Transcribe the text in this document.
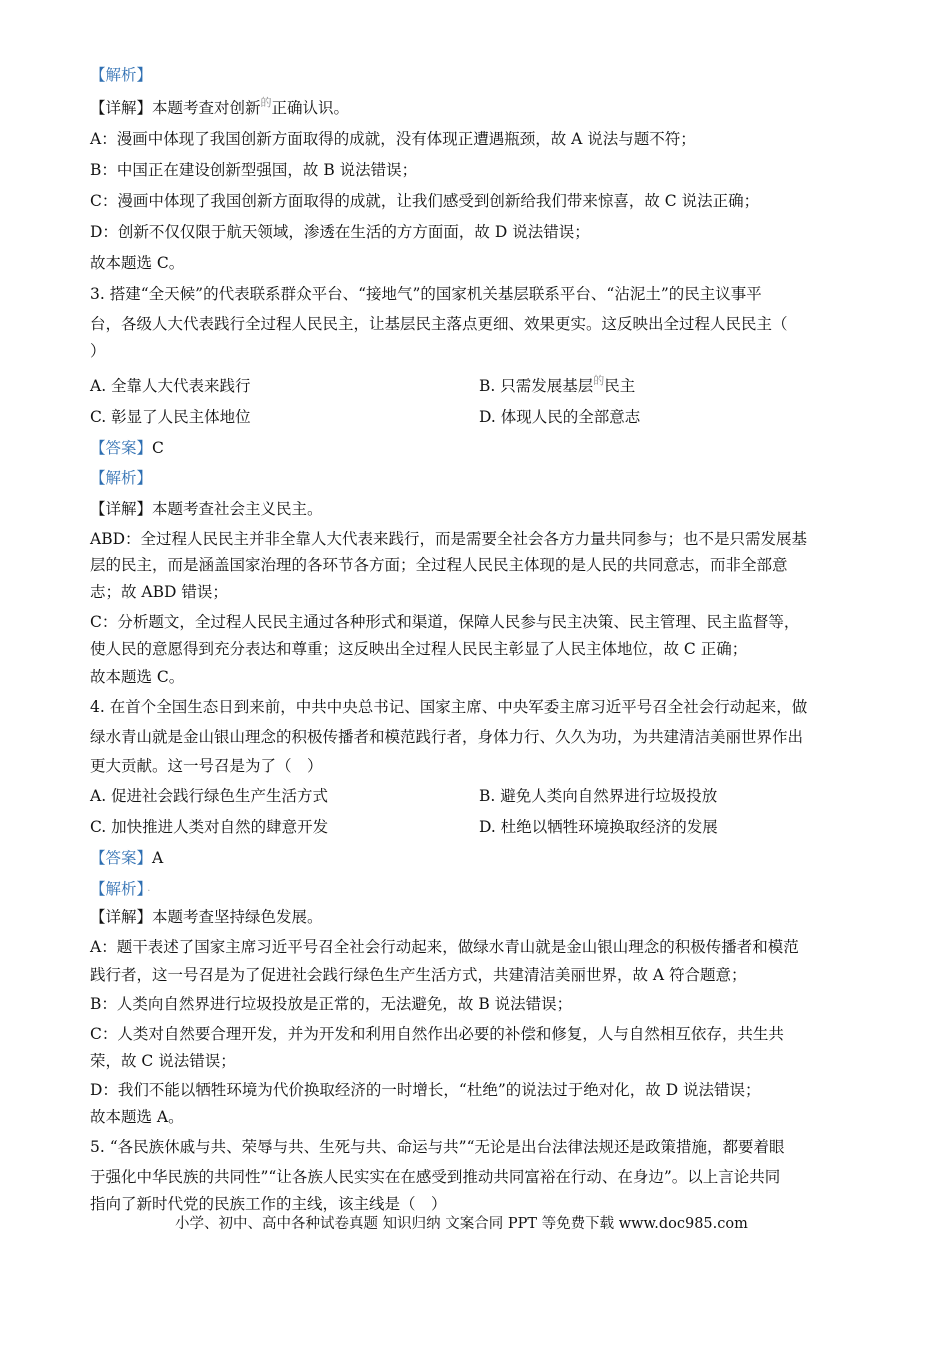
【解析】
【详解】本题考查对创新$^的$正确认识。
A：漫画中体现了我国创新方面取得的成就，没有体现正遭遇瓶颈，故 A 说法与题不符；
B：中国正在建设创新型强国，故 B 说法错误；
C：漫画中体现了我国创新方面取得的成就，让我们感受到创新给我们带来惊喜，故 C 说法正确；
D：创新不仅仅限于航天领域，渗透在生活的方方面面，故 D 说法错误；
故本题选 C。
3. 搭建“全天候”的代表联系群众平台、“接地气”的国家机关基层联系平台、“沾泥土”的民主议事平
台，各级人大代表践行全过程人民民主，让基层民主落点更细、效果更实。这反映出全过程人民民主（
）
A. 全靠人大代表来践行	B. 只需发展基层$^的$民主
C. 彰显了人民主体地位	D. 体现人民的全部意志
【答案】C
【解析】
【详解】本题考查社会主义民主。
ABD：全过程人民民主并非全靠人大代表来践行，而是需要全社会各方力量共同参与；也不是只需发展基
层的民主，而是涵盖国家治理的各环节各方面；全过程人民民主体现的是人民的共同意志，而非全部意
志；故 ABD 错误；
C：分析题文，全过程人民民主通过各种形式和渠道，保障人民参与民主决策、民主管理、民主监督等，
使人民的意愿得到充分表达和尊重；这反映出全过程人民民主彰显了人民主体地位，故 C 正确；
故本题选 C。
4. 在首个全国生态日到来前，中共中央总书记、国家主席、中央军委主席习近平号召全社会行动起来，做
绿水青山就是金山银山理念的积极传播者和模范践行者，身体力行、久久为功，为共建清洁美丽世界作出
更大贡献。这一号召是为了（　）
A. 促进社会践行绿色生产生活方式	B. 避免人类向自然界进行垃圾投放
C. 加快推进人类对自然的肆意开发	D. 杜绝以牺牲环境换取经济的发展
【答案】A
【解析】 ·
【详解】本题考查坚持绿色发展。
A：题干表述了国家主席习近平号召全社会行动起来，做绿水青山就是金山银山理念的积极传播者和模范
践行者，这一号召是为了促进社会践行绿色生产生活方式，共建清洁美丽世界，故 A 符合题意；
B：人类向自然界进行垃圾投放是正常的，无法避免，故 B 说法错误；
C：人类对自然要合理开发，并为开发和利用自然作出必要的补偿和修复，人与自然相互依存，共生共
荣，故 C 说法错误；
D：我们不能以牺牲环境为代价换取经济的一时增长，“杜绝”的说法过于绝对化，故 D 说法错误；
故本题选 A。
5. “各民族休戚与共、荣辱与共、生死与共、命运与共”“无论是出台法律法规还是政策措施，都要着眼
于强化中华民族的共同性”“让各族人民实实在在感受到推动共同富裕在行动、在身边”。以上言论共同
指向了新时代党的民族工作的主线，该主线是（　）
小学、初中、高中各种试卷真题 知识归纳 文案合同 PPT 等免费下载 www.doc985.com
